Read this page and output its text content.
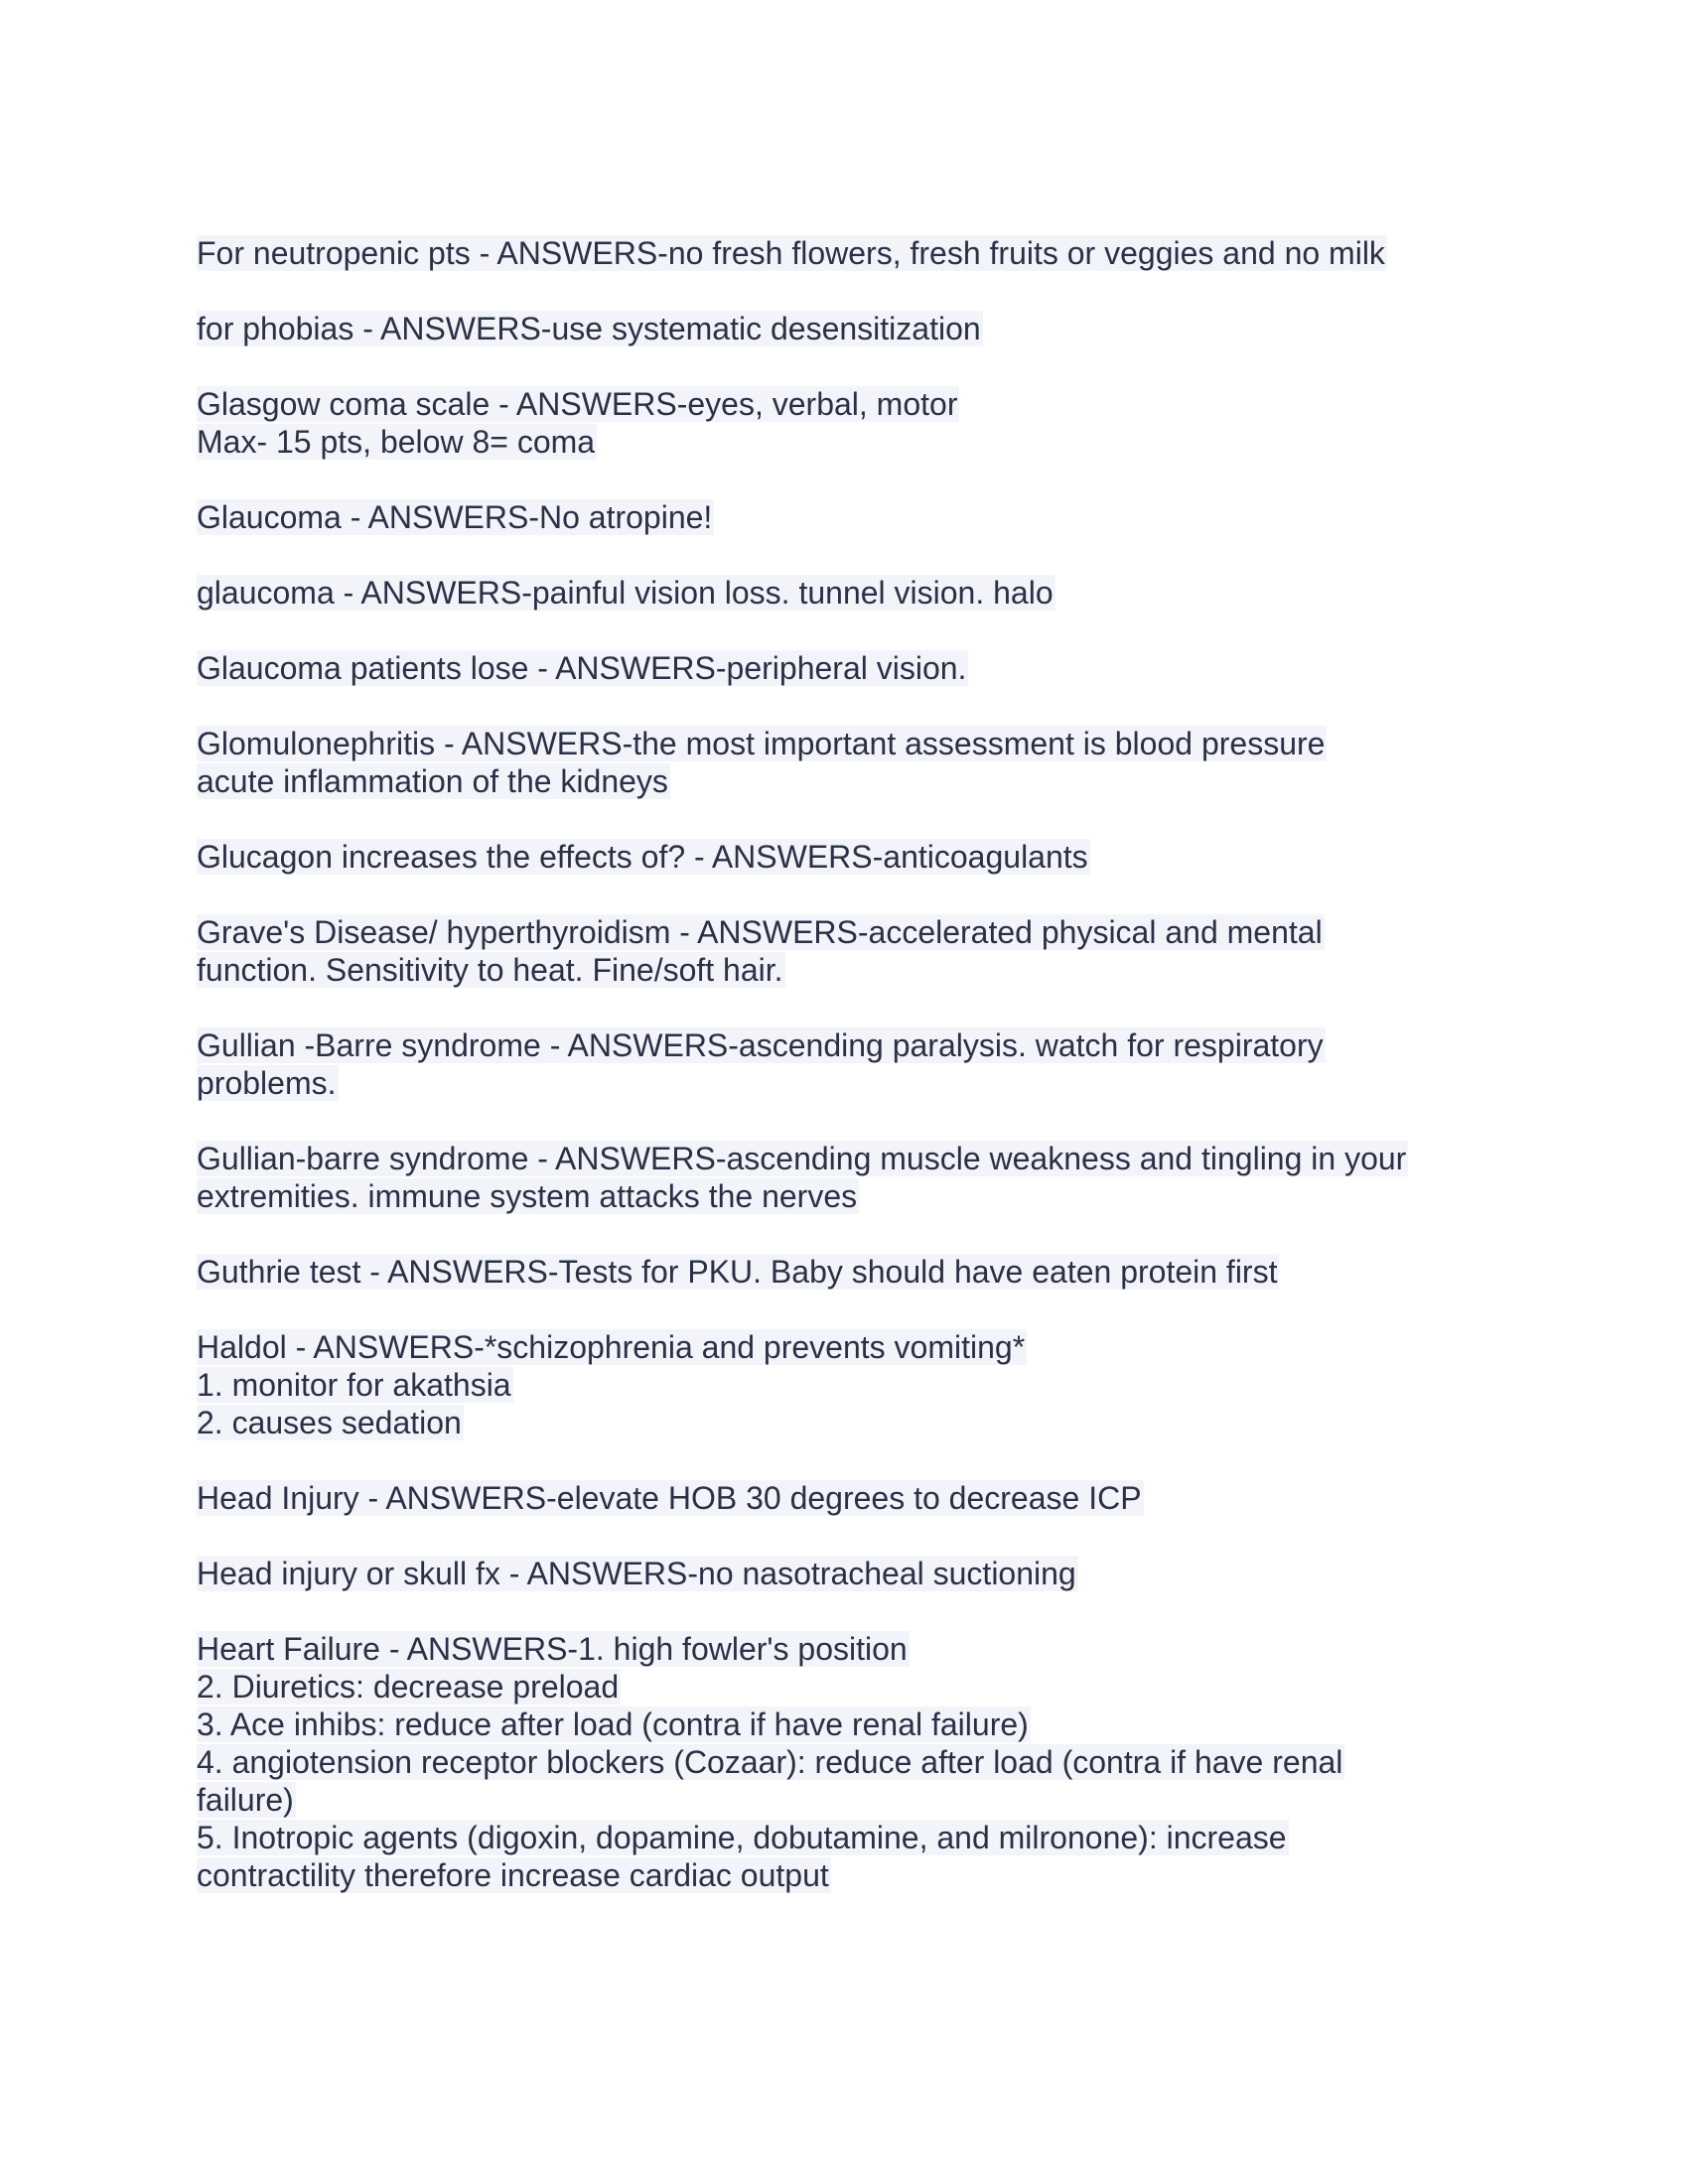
For neutropenic pts - ANSWERS-no fresh flowers, fresh fruits or veggies and no milk
for phobias - ANSWERS-use systematic desensitization
Glasgow coma scale - ANSWERS-eyes, verbal, motor
Max- 15 pts, below 8= coma
Glaucoma - ANSWERS-No atropine!
glaucoma - ANSWERS-painful vision loss. tunnel vision. halo
Glaucoma patients lose - ANSWERS-peripheral vision.
Glomulonephritis - ANSWERS-the most important assessment is blood pressure
acute inflammation of the kidneys
Glucagon increases the effects of? - ANSWERS-anticoagulants
Grave's Disease/ hyperthyroidism - ANSWERS-accelerated physical and mental
function. Sensitivity to heat. Fine/soft hair.
Gullian -Barre syndrome - ANSWERS-ascending paralysis. watch for respiratory
problems.
Gullian-barre syndrome - ANSWERS-ascending muscle weakness and tingling in your
extremities. immune system attacks the nerves
Guthrie test - ANSWERS-Tests for PKU. Baby should have eaten protein first
Haldol - ANSWERS-*schizophrenia and prevents vomiting*
1. monitor for akathsia
2. causes sedation
Head Injury - ANSWERS-elevate HOB 30 degrees to decrease ICP
Head injury or skull fx - ANSWERS-no nasotracheal suctioning
Heart Failure - ANSWERS-1. high fowler's position
2. Diuretics: decrease preload
3. Ace inhibs: reduce after load (contra if have renal failure)
4. angiotension receptor blockers (Cozaar): reduce after load (contra if have renal
failure)
5. Inotropic agents (digoxin, dopamine, dobutamine, and milronone): increase
contractility therefore increase cardiac output
